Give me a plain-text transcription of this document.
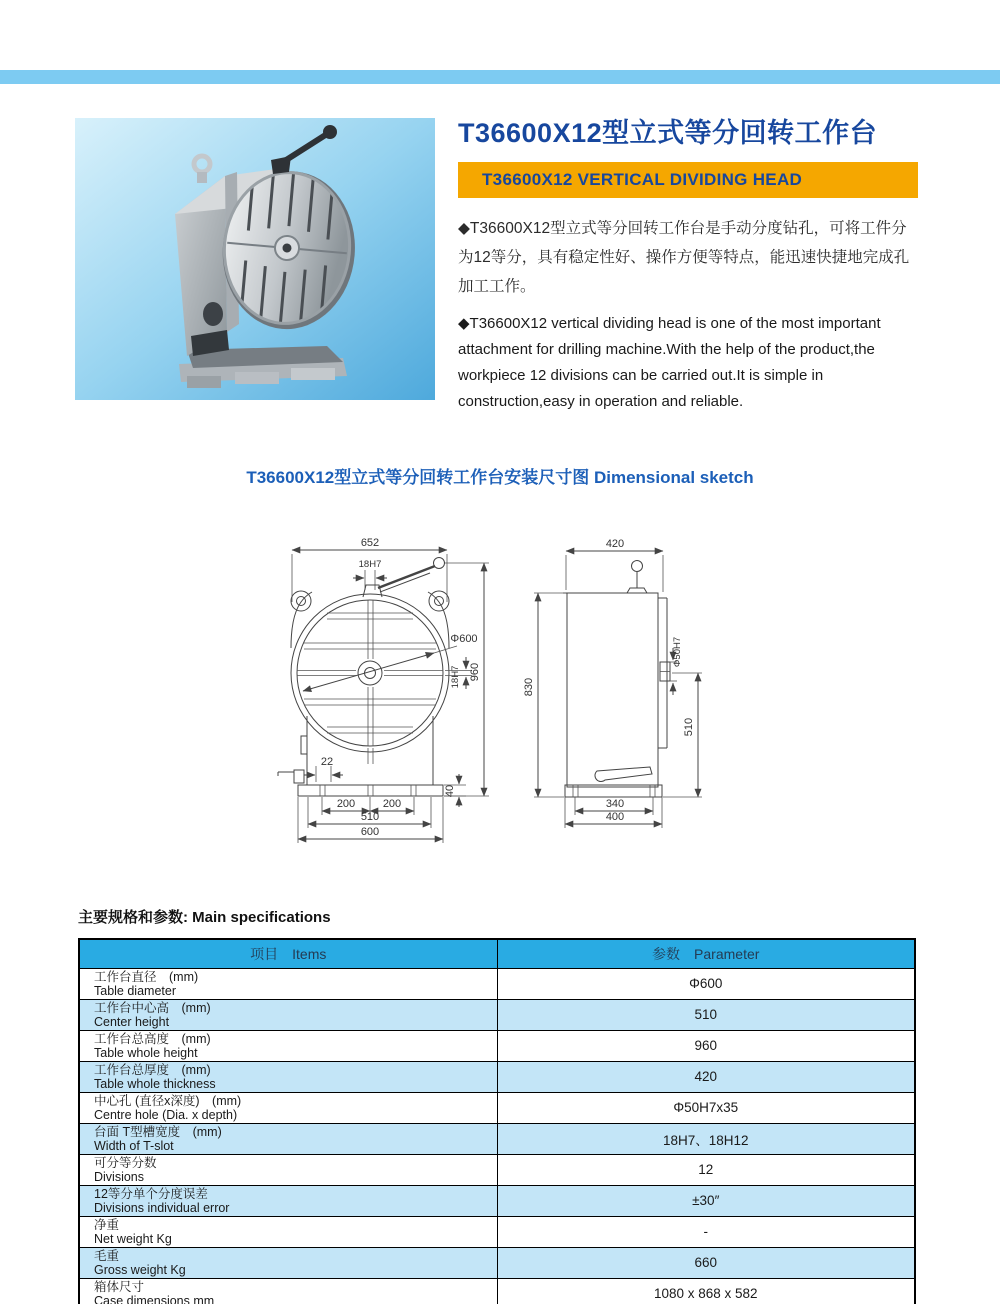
T36600X12型立式等分回转工作台
T36600X12 VERTICAL DIVIDING HEAD
◆T36600X12型立式等分回转工作台是手动分度钻孔，可将工件分为12等分，具有稳定性好、操作方便等特点，能迅速快捷地完成孔加工工作。
◆T36600X12 vertical dividing head is one of the most important attachment for drilling machine.With the help of the product,the workpiece 12 divisions can be carried out.It is simple in construction,easy in operation and reliable.
T36600X12型立式等分回转工作台安装尺寸图 Dimensional sketch
652
18H7
Φ600
18H7 960
22
40
200	200
510
600
420
Φ50H7
830
510
340
400
主要规格和参数: Main specifications
项目　Items	参数　Parameter

工作台直径　(mm)
Table diameter	Φ600

工作台中心高　(mm)
Center height	510

工作台总高度　(mm)
Table whole height	960

工作台总厚度　(mm)
Table whole thickness	420

中心孔 (直径x深度)　(mm)
Centre hole (Dia. x depth)	Φ50H7x35

台面 T型槽宽度　(mm)
Width of T-slot	18H7、18H12

可分等分数
Divisions	12

12等分单个分度误差
Divisions individual error	±30″

净重
Net weight Kg	-

毛重
Gross weight Kg	660

箱体尺寸
Case dimensions mm	1080 x 868 x 582
